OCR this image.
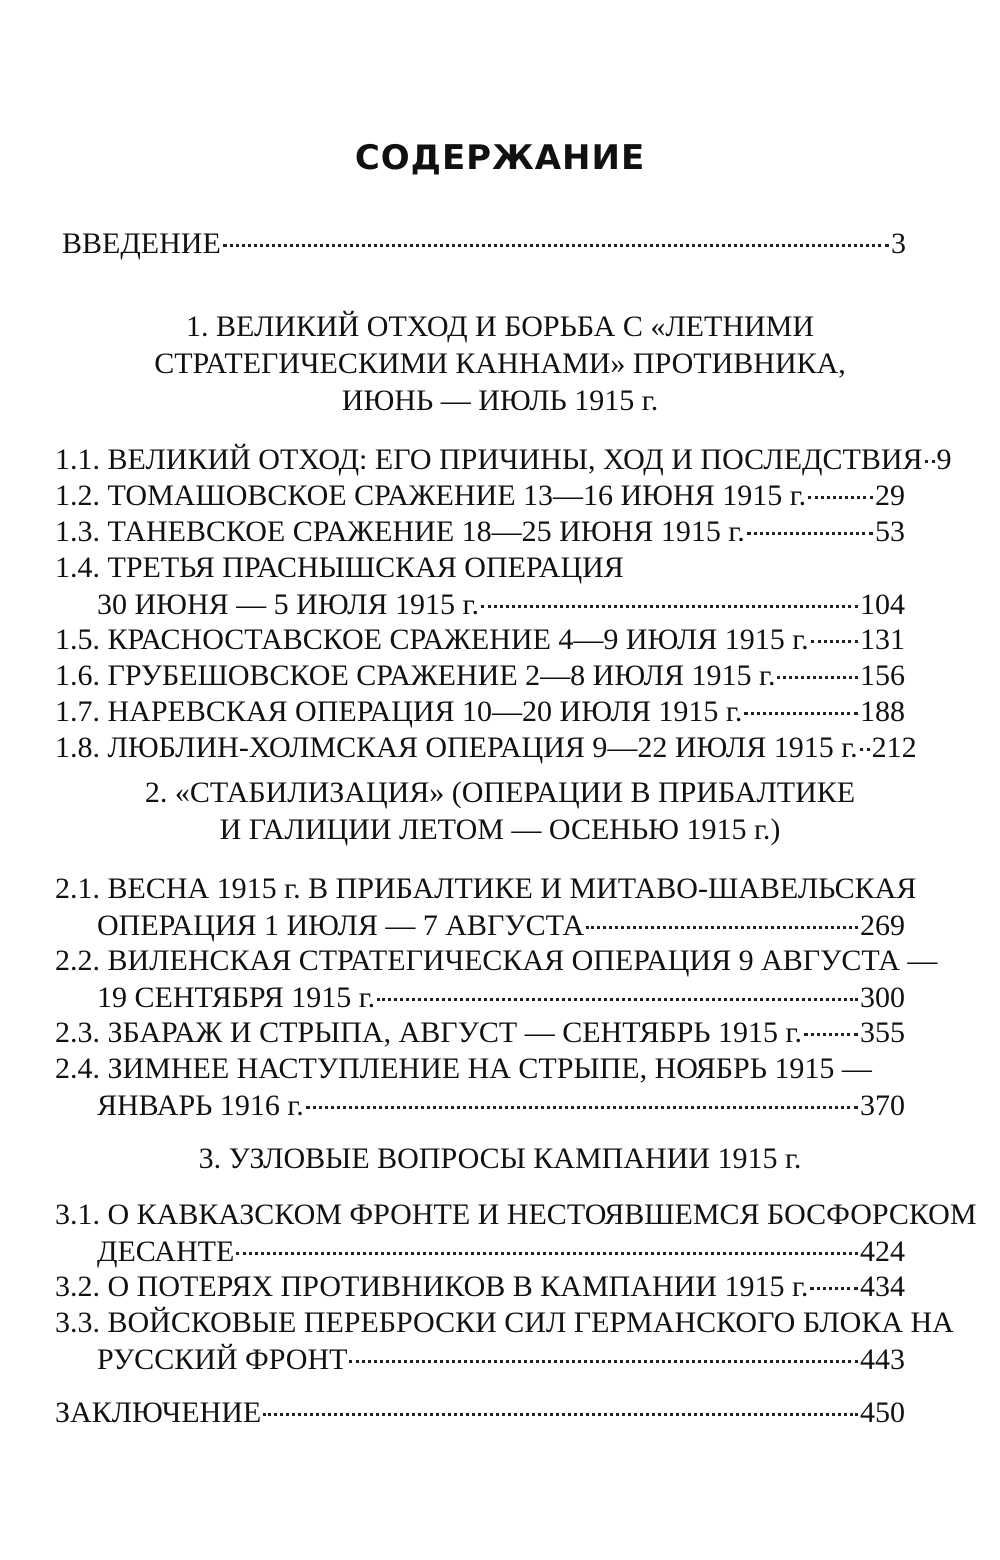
СОДЕРЖАНИЕ
ВВЕДЕНИЕ	3
1. ВЕЛИКИЙ ОТХОД И БОРЬБА С «ЛЕТНИМИ
СТРАТЕГИЧЕСКИМИ КАННАМИ» ПРОТИВНИКА,
ИЮНЬ — ИЮЛЬ 1915 г.
1.1. ВЕЛИКИЙ ОТХОД: ЕГО ПРИЧИНЫ, ХОД И ПОСЛЕДСТВИЯ 9
1.2. ТОМАШОВСКОЕ СРАЖЕНИЕ 13—16 ИЮНЯ 1915 г. 29
1.3. ТАНЕВСКОЕ СРАЖЕНИЕ 18—25 ИЮНЯ 1915 г.	53
1.4. ТРЕТЬЯ ПРАСНЫШСКАЯ ОПЕРАЦИЯ
30 ИЮНЯ — 5 ИЮЛЯ 1915 г.	104
1.5. КРАСНОСТАВСКОЕ СРАЖЕНИЕ 4—9 ИЮЛЯ 1915 г. 131
1.6. ГРУБЕШОВСКОЕ СРАЖЕНИЕ 2—8 ИЮЛЯ 1915 г.	156
1.7. НАРЕВСКАЯ ОПЕРАЦИЯ 10—20 ИЮЛЯ 1915 г.	188
1.8. ЛЮБЛИН-ХОЛМСКАЯ ОПЕРАЦИЯ 9—22 ИЮЛЯ 1915 г. 212
2. «СТАБИЛИЗАЦИЯ» (ОПЕРАЦИИ В ПРИБАЛТИКЕ
И ГАЛИЦИИ ЛЕТОМ — ОСЕНЬЮ 1915 г.)
2.1. ВЕСНА 1915 г. В ПРИБАЛТИКЕ И МИТАВО-ШАВЕЛЬСКАЯ
ОПЕРАЦИЯ 1 ИЮЛЯ — 7 АВГУСТА	269
2.2. ВИЛЕНСКАЯ СТРАТЕГИЧЕСКАЯ ОПЕРАЦИЯ 9 АВГУСТА —
19 СЕНТЯБРЯ 1915 г.	300
2.3. ЗБАРАЖ И СТРЫПА, АВГУСТ — СЕНТЯБРЬ 1915 г. 355
2.4. ЗИМНЕЕ НАСТУПЛЕНИЕ НА СТРЫПЕ, НОЯБРЬ 1915 —
ЯНВАРЬ 1916 г.	370
3. УЗЛОВЫЕ ВОПРОСЫ КАМПАНИИ 1915 г.
3.1. О КАВКАЗСКОМ ФРОНТЕ И НЕСТОЯВШЕМСЯ БОСФОРСКОМ
ДЕСАНТЕ	424
3.2. О ПОТЕРЯХ ПРОТИВНИКОВ В КАМПАНИИ 1915 г. 434
3.3. ВОЙСКОВЫЕ ПЕРЕБРОСКИ СИЛ ГЕРМАНСКОГО БЛОКА НА
РУССКИЙ ФРОНТ	443
ЗАКЛЮЧЕНИЕ	450
